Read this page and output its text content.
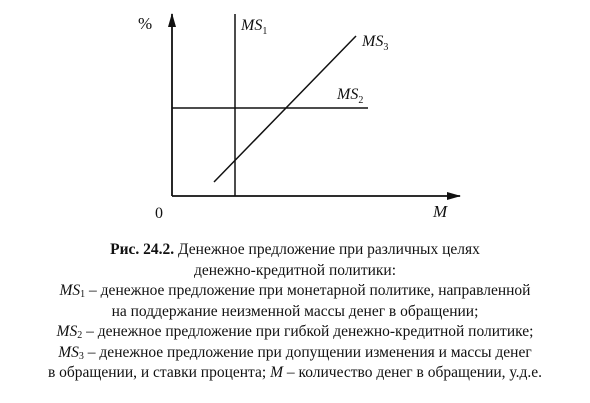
%
M
0
$MS_1$
$MS_2$
$MS_3$
Рис. 24.2. Денежное предложение при различных целях
денежно-кредитной политики:
$MS_1$ – денежное предложение при монетарной политике, направленной
на поддержание неизменной массы денег в обращении;
$MS_2$ – денежное предложение при гибкой денежно-кредитной политике;
$MS_3$ – денежное предложение при допущении изменения и массы денег
в обращении, и ставки процента; M – количество денег в обращении, у.д.е.
